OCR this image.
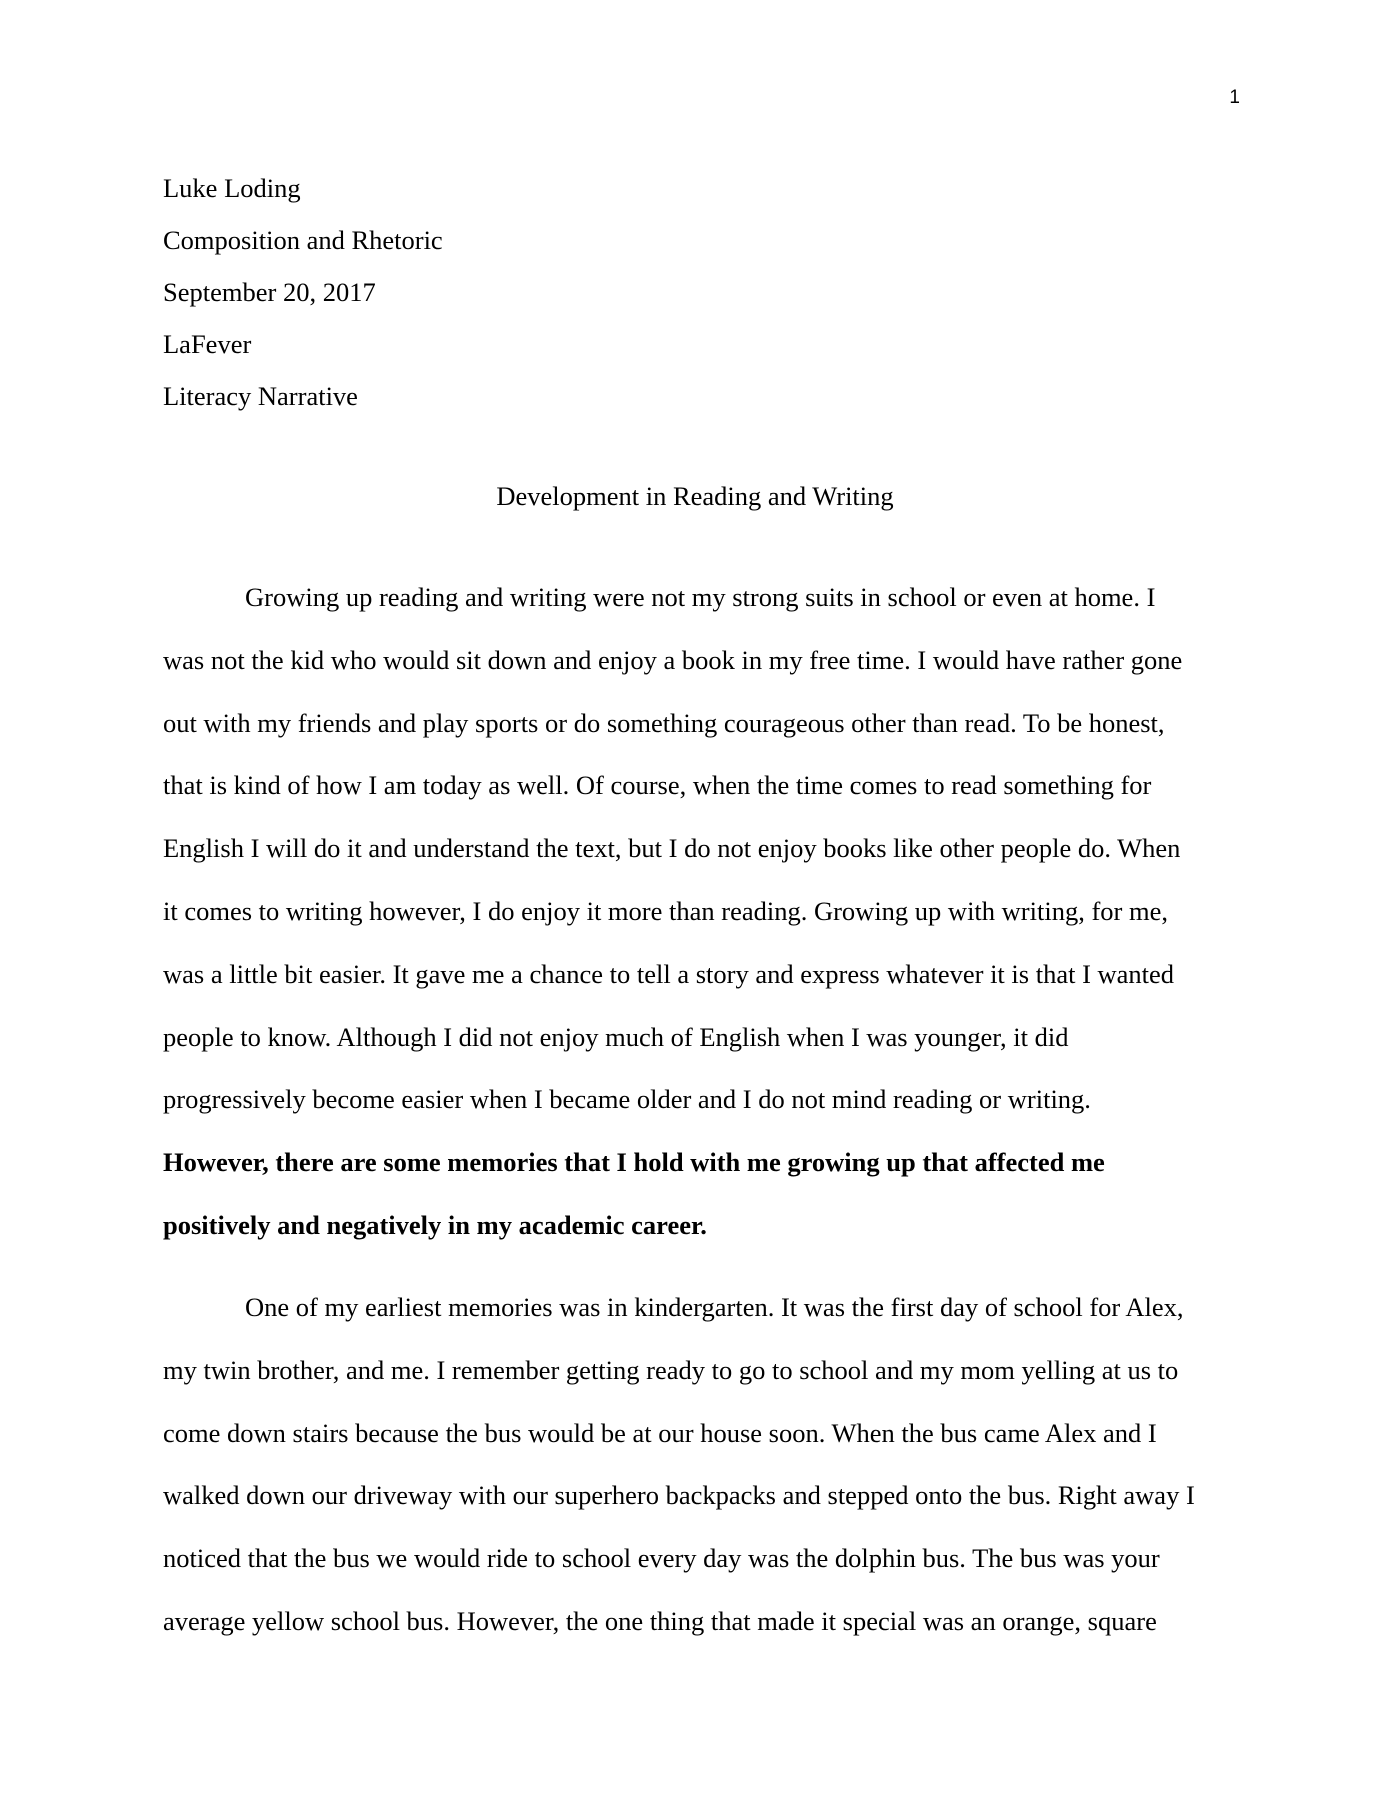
1
Luke Loding
Composition and Rhetoric
September 20, 2017
LaFever
Literacy Narrative
Development in Reading and Writing
Growing up reading and writing were not my strong suits in school or even at home. I
was not the kid who would sit down and enjoy a book in my free time. I would have rather gone
out with my friends and play sports or do something courageous other than read. To be honest,
that is kind of how I am today as well. Of course, when the time comes to read something for
English I will do it and understand the text, but I do not enjoy books like other people do. When
it comes to writing however, I do enjoy it more than reading. Growing up with writing, for me,
was a little bit easier. It gave me a chance to tell a story and express whatever it is that I wanted
people to know. Although I did not enjoy much of English when I was younger, it did
progressively become easier when I became older and I do not mind reading or writing.
However, there are some memories that I hold with me growing up that affected me
positively and negatively in my academic career.
One of my earliest memories was in kindergarten. It was the first day of school for Alex,
my twin brother, and me. I remember getting ready to go to school and my mom yelling at us to
come down stairs because the bus would be at our house soon. When the bus came Alex and I
walked down our driveway with our superhero backpacks and stepped onto the bus. Right away I
noticed that the bus we would ride to school every day was the dolphin bus. The bus was your
average yellow school bus. However, the one thing that made it special was an orange, square
